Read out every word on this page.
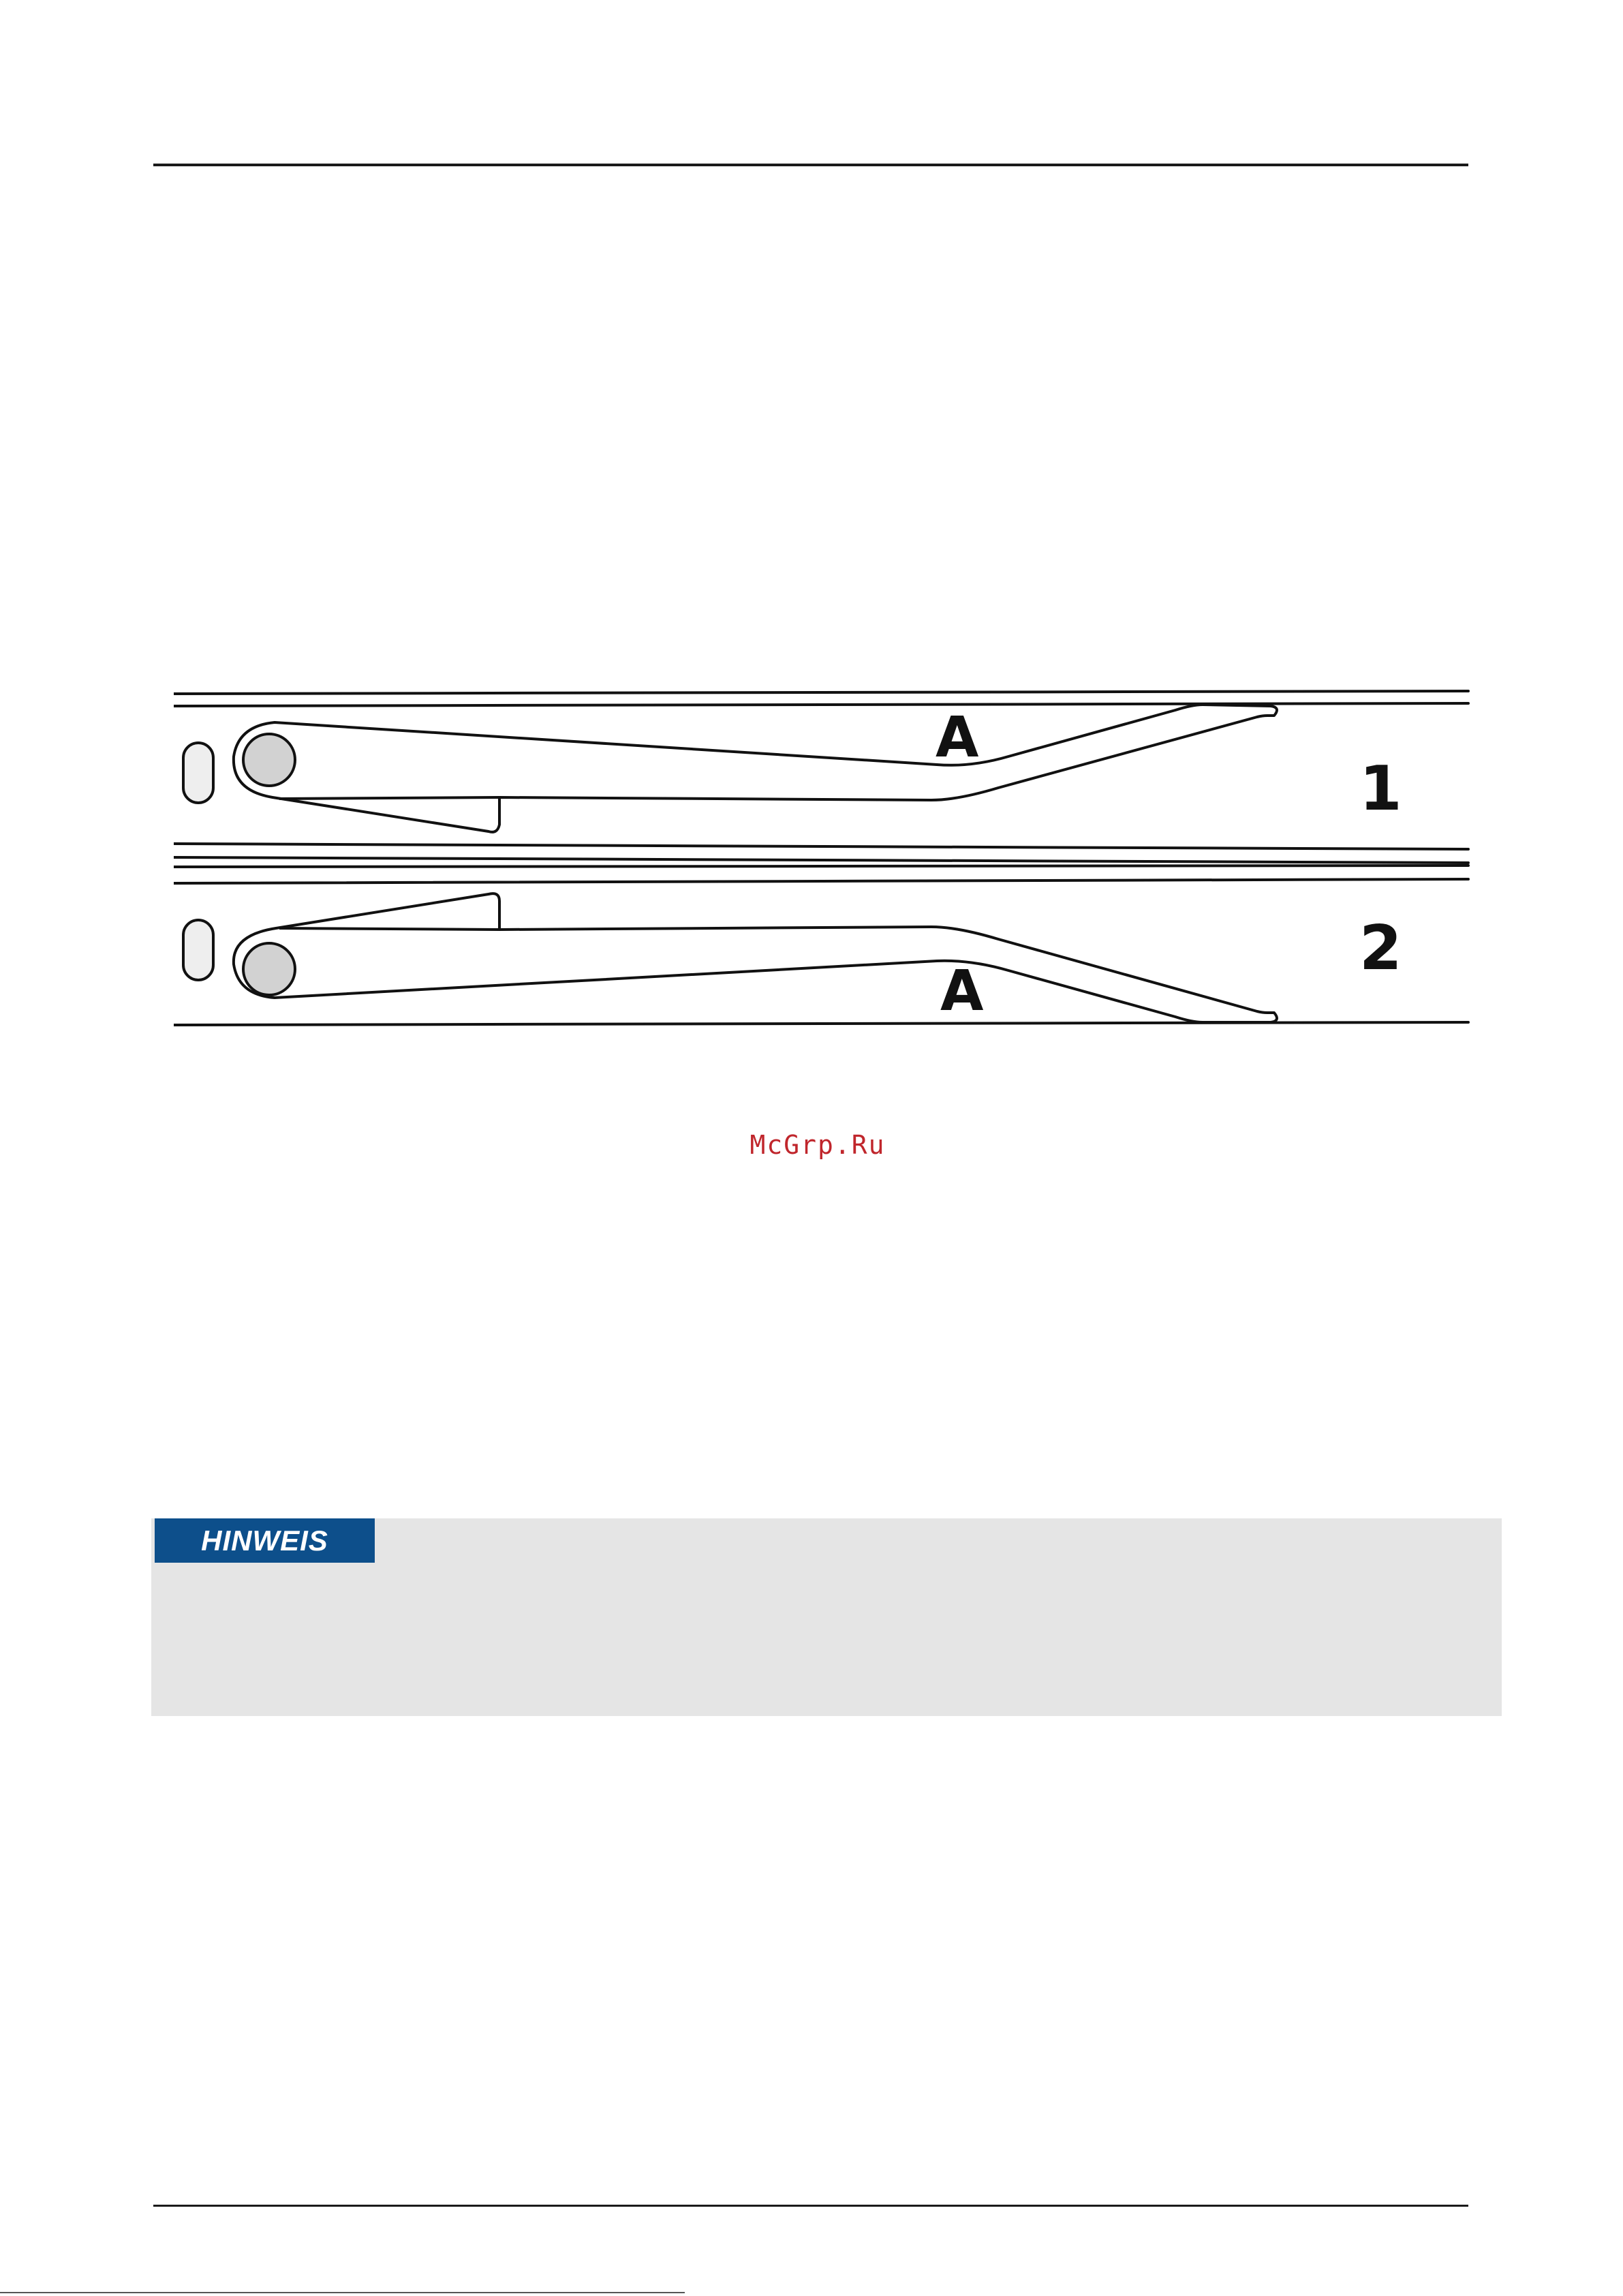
A
1
A
2
McGrp.Ru
HINWEIS
